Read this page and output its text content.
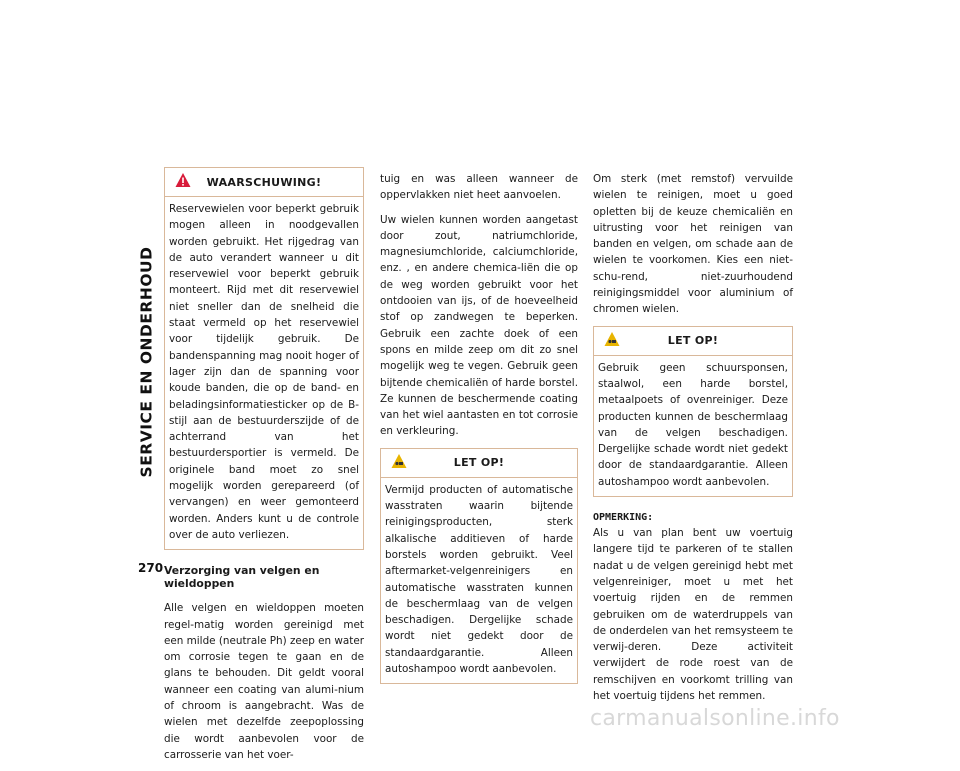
SERVICE EN ONDERHOUD
270
WAARSCHUWING!
Reservewielen voor beperkt gebruik mogen alleen in noodgevallen worden gebruikt. Het rijgedrag van de auto verandert wanneer u dit reservewiel voor beperkt gebruik monteert. Rijd met dit reservewiel niet sneller dan de snelheid die staat vermeld op het reservewiel voor tijdelijk gebruik. De bandenspanning mag nooit hoger of lager zijn dan de spanning voor koude banden, die op de band- en beladingsinformatiesticker op de B-stijl aan de bestuurderszijde of de achterrand van het bestuurdersportier is vermeld. De originele band moet zo snel mogelijk worden gerepareerd (of vervangen) en weer gemonteerd worden. Anders kunt u de controle over de auto verliezen.
Verzorging van velgen en wieldoppen

Alle velgen en wieldoppen moeten regel-matig worden gereinigd met een milde (neutrale Ph) zeep en water om corrosie tegen te gaan en de glans te behouden. Dit geldt vooral wanneer een coating van alumi-nium of chroom is aangebracht. Was de wielen met dezelfde zeepoplossing die wordt aanbevolen voor de carrosserie van het voer-

tuig en was alleen wanneer de oppervlakken niet heet aanvoelen.

Uw wielen kunnen worden aangetast door zout, natriumchloride, magnesiumchloride, calciumchloride, enz. , en andere chemica-liën die op de weg worden gebruikt voor het ontdooien van ijs, of de hoeveelheid stof op zandwegen te beperken. Gebruik een zachte doek of een spons en milde zeep om dit zo snel mogelijk weg te vegen. Gebruik geen bijtende chemicaliën of harde borstel. Ze kunnen de beschermende coating van het wiel aantasten en tot corrosie en verkleuring.

LET OP!
Vermijd producten of automatische wasstraten waarin bijtende reinigingsproducten, sterk alkalische additieven of harde borstels worden gebruikt. Veel aftermarket-velgenreinigers en automatische wasstraten kunnen de beschermlaag van de velgen beschadigen. Dergelijke schade wordt niet gedekt door de standaardgarantie. Alleen autoshampoo wordt aanbevolen.

Om sterk (met remstof) vervuilde wielen te reinigen, moet u goed opletten bij de keuze chemicaliën en uitrusting voor het reinigen van banden en velgen, om schade aan de wielen te voorkomen. Kies een niet-schu-rend, niet-zuurhoudend reinigingsmiddel voor aluminium of chromen wielen.

LET OP!
Gebruik geen schuursponsen, staalwol, een harde borstel, metaalpoets of ovenreiniger. Deze producten kunnen de beschermlaag van de velgen beschadigen. Dergelijke schade wordt niet gedekt door de standaardgarantie. Alleen autoshampoo wordt aanbevolen.
OPMERKING:

Als u van plan bent uw voertuig langere tijd te parkeren of te stallen nadat u de velgen gereinigd hebt met velgenreiniger, moet u met het voertuig rijden en de remmen gebruiken om de waterdruppels van de onderdelen van het remsysteem te verwij-deren. Deze activiteit verwijdert de rode roest van de remschijven en voorkomt trilling van het voertuig tijdens het remmen.

carmanualsonline.info
